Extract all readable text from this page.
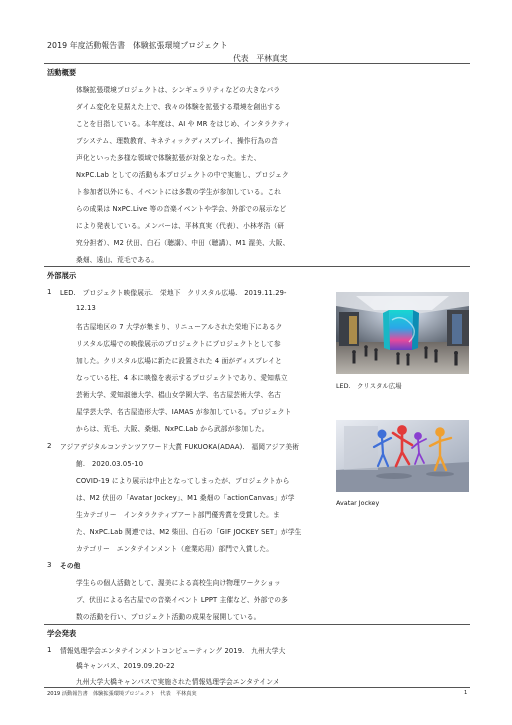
2019 年度活動報告書　体験拡張環境プロジェクト
代表　平林真実
活動概要
体験拡張環境プロジェクトは、シンギュラリティなどの大きなパラ
ダイム変化を見据えた上で、我々の体験を拡張する環境を創出する
ことを目指している。本年度は、AI や MR をはじめ、インタラクティ
ブシステム、理数教育、キネティックディスプレイ、操作行為の音
声化といった多様な領域で体験拡張が対象となった。また、
NxPC.Lab としての活動も本プロジェクトの中で実施し、プロジェク
ト参加者以外にも、イベントには多数の学生が参加している。これ
らの成果は NxPC.Live 等の音楽イベントや学会、外部での展示など
により発表している。メンバーは、平林真実（代表）、小林孝浩（研
究分担者）、M2 伏田、白石（聴講）、中田（聴講）、M1 渥美、大阪、
桑畑、遠山、荒毛である。
外部展示
1 LED.　プロジェクト映像展示.　栄地下　クリスタル広場.　2019.11.29-
12.13
名古屋地区の 7 大学が集まり、リニューアルされた栄地下にあるク
リスタル広場での映像展示のプロジェクトにプロジェクトとして参
加した。クリスタル広場に新たに設置された 4 面がディスプレイと
なっている柱、4 本に映像を表示するプロジェクトであり、愛知県立
芸術大学、愛知淑徳大学、椙山女学園大学、名古屋芸術大学、名古
屋学芸大学、名古屋造形大学、IAMAS が参加している。プロジェクト
からは、荒毛、大阪、桑畑、NxPC.Lab から武部が参加した。
2 アジアデジタルコンテンツアワード大賞 FUKUOKA(ADAA).　福岡アジア美術
館.　2020.03.05-10
COVID-19 により展示は中止となってしまったが、プロジェクトから
は、M2 伏田の「Avatar Jockey」、M1 桑畑の「actionCanvas」が学
生カテゴリー　インタラクティブアート部門優秀賞を受賞した。ま
た、NxPC.Lab 関連では、M2 柴田、白石の「GIF JOCKEY SET」が学生
カテゴリー　エンタテインメント（産業応用）部門で入賞した。
3 その他
学生らの個人活動として、渥美による高校生向け物理ワークショッ
プ、伏田による名古屋での音楽イベント LPPT 主催など、外部での多
数の活動を行い、プロジェクト活動の成果を展開している。
学会発表
1 情報処理学会エンタテインメントコンピューティング 2019.　九州大学大
橋キャンパス、2019.09.20-22
九州大学大橋キャンパスで実施された情報処理学会エンタテインメ
LED.　クリスタル広場
Avatar Jockey
2019 活動報告書　体験拡張環境プロジェクト　代表　平林真実	1
